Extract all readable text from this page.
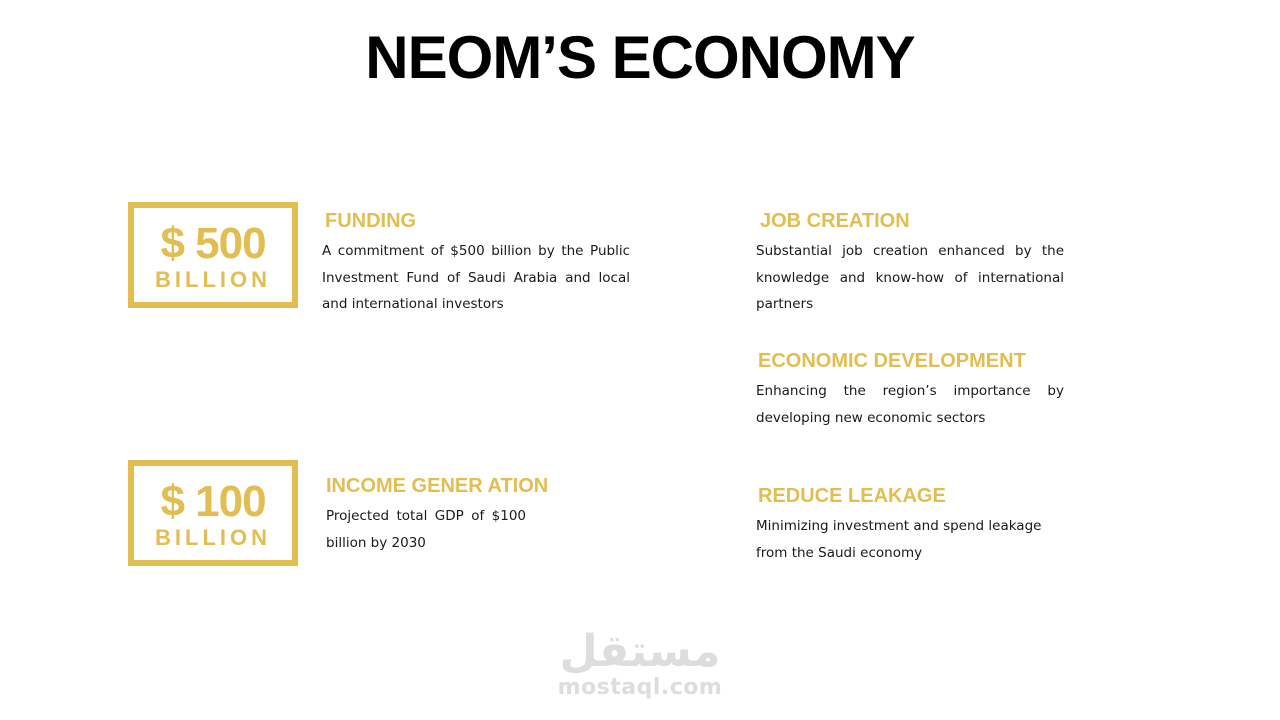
NEOM’S ECONOMY
$ 500
BILLION
$ 100
BILLION
FUNDING

A commitment of $500 billion by the Public Investment Fund of Saudi Arabia and local and international investors

INCOME GENER ATION

Projected total GDP of $100 billion by 2030

JOB CREATION

Substantial job creation enhanced by the knowledge and know-how of international partners

ECONOMIC DEVELOPMENT

Enhancing the region’s importance by developing new economic sectors

REDUCE LEAKAGE

Minimizing investment and spend leakage from the Saudi economy

مستقل
mostaql.com
